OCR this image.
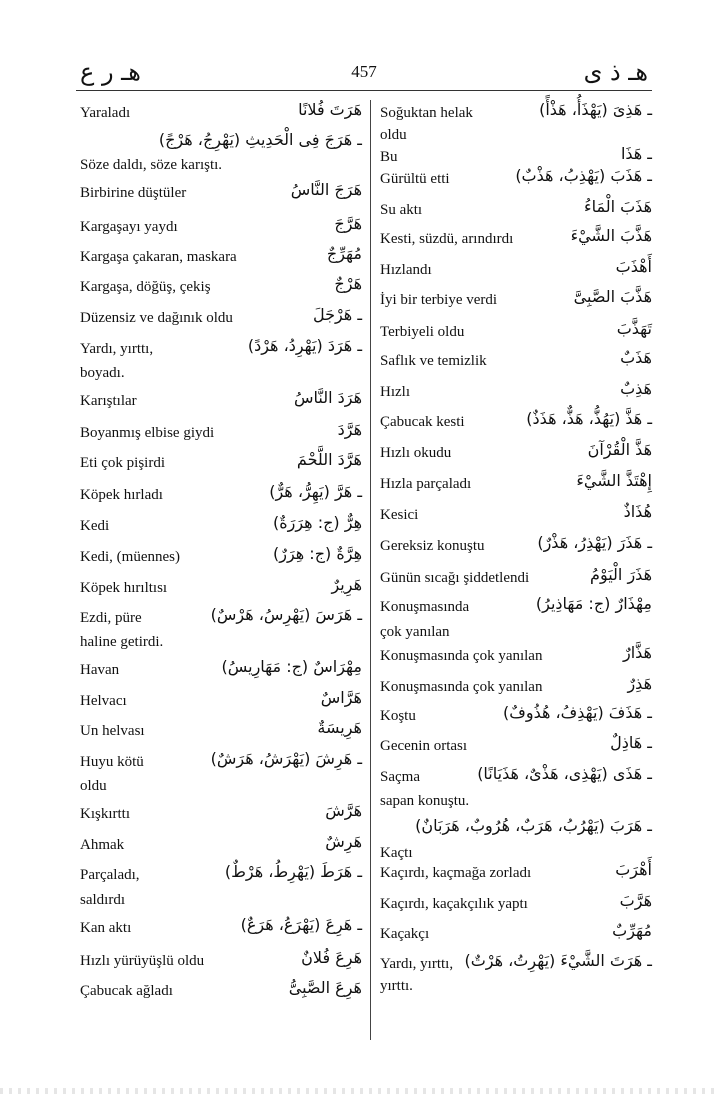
هـ ر ع	457	هـ ذ ى
هَرَتَ فُلانًا
Yaraladı
ـ هَرَجَ فِى الْحَدِيثِ (يَهْرِجُ، هَرْجً)
Söze daldı, söze karıştı.
هَرَجَ النَّاسُ
Birbirine düştüler
هَرَّجَ
Kargaşayı yaydı
مُهَرِّجٌ
Kargaşa çakaran, maskara
هَرْجٌ
Kargaşa, döğüş, çekiş
ـ هَرْجَلَ
Düzensiz ve dağınık oldu
ـ هَرَدَ (يَهْرِدُ، هَرْدً)
Yardı, yırttı,
boyadı.
هَرَدَ النَّاسُ
Karıştılar
هَرَّدَ
Boyanmış elbise giydi
هَرَّدَ اللَّحْمَ
Eti çok pişirdi
ـ هَرَّ (يَهِرُّ، هَرٌّ)
Köpek hırladı
هِرٌّ (ج: هِرَرَةٌ)
Kedi
هِرَّةٌ (ج: هِرَرٌ)
Kedi, (müennes)
هَرِيرٌ
Köpek hırıltısı
ـ هَرَسَ (يَهْرِسُ، هَرْسٌ)
Ezdi, püre
haline getirdi.
مِهْرَاسٌ (ج: مَهَارِيسُ)
Havan
هَرَّاسٌ
Helvacı
هَرِيسَةٌ
Un helvası
ـ هَرِشَ (يَهْرَشُ، هَرَشٌ)
Huyu kötü
oldu
هَرَّشَ
Kışkırttı
هَرِشٌ
Ahmak
ـ هَرَطَ (يَهْرِطُ، هَرْطٌ)
Parçaladı,
saldırdı
ـ هَرِعَ (يَهْرَعُ، هَرَعٌ)
Kan aktı
هَرِعَ فُلانٌ
Hızlı yürüyüşlü oldu
هَرِعَ الصَّبِىُّ
Çabucak ağladı
ـ هَذِىَ (يَهْذَأُ، هَذْأً)
Soğuktan helak
oldu
ـ هَذَا
Bu
ـ هَذَبَ (يَهْذِبُ، هَذْبٌ)
Gürültü etti
هَذَبَ الْمَاءُ
Su aktı
هَذَّبَ الشَّيْءَ
Kesti, süzdü, arındırdı
أَهْذَبَ
Hızlandı
هَذَّبَ الصَّبِىَّ
İyi bir terbiye verdi
تَهَذَّبَ
Terbiyeli oldu
هَذَبٌ
Saflık ve temizlik
هَذِبٌ
Hızlı
ـ هَذَّ (يَهُذُّ، هَذٌّ، هَذَذٌ)
Çabucak kesti
هَذَّ الْقُرْآنَ
Hızlı okudu
إِهْتَذَّ الشَّيْءَ
Hızla parçaladı
هُذَاذٌ
Kesici
ـ هَذَرَ (يَهْذِرُ، هَذْرٌ)
Gereksiz konuştu
هَذَرَ الْيَوْمُ
Günün sıcağı şiddetlendi
مِهْذَارٌ (ج: مَهَاذِيرُ)
Konuşmasında
çok yanılan
هَذَّارٌ
Konuşmasında çok yanılan
هَذِرٌ
Konuşmasında çok yanılan
ـ هَذَفَ (يَهْذِفُ، هُذُوفٌ)
Koştu
ـ هَاذِلٌ
Gecenin ortası
ـ هَذَى (يَهْذِى، هَذْىٌ، هَذَيَانًا)
Saçma
sapan konuştu.
ـ هَرَبَ (يَهْرُبُ، هَرَبٌ، هُرُوبٌ، هَرَبَانٌ)
Kaçtı
أَهْرَبَ
Kaçırdı, kaçmağa zorladı
هَرَّبَ
Kaçırdı, kaçakçılık yaptı
مُهَرِّبٌ
Kaçakçı
ـ هَرَتَ الشَّيْءَ (يَهْرِتُ، هَرْتٌ)
Yardı, yırttı,
yırttı.
